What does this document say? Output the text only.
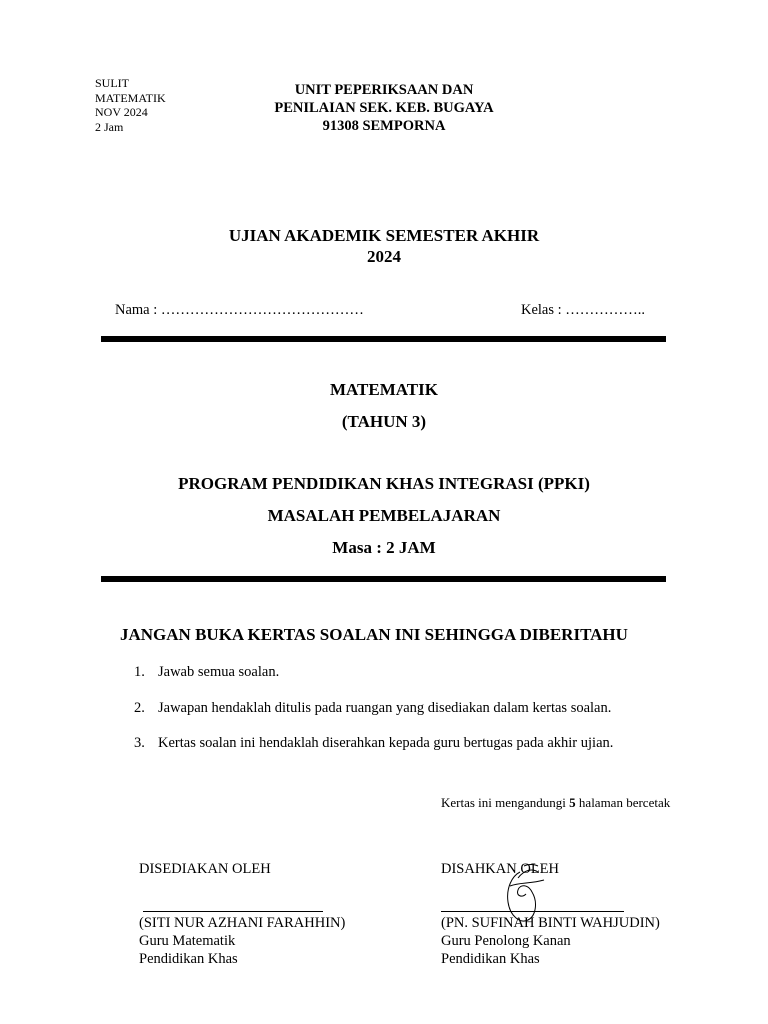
SULIT
MATEMATIK
NOV 2024
2 Jam
UNIT PEPERIKSAAN DAN
PENILAIAN SEK. KEB. BUGAYA
91308 SEMPORNA
UJIAN AKADEMIK SEMESTER AKHIR
2024
Nama : ……………………………………	Kelas : ……………..
MATEMATIK
(TAHUN 3)
PROGRAM PENDIDIKAN KHAS INTEGRASI (PPKI)
MASALAH PEMBELAJARAN
Masa : 2 JAM
JANGAN BUKA KERTAS SOALAN INI SEHINGGA DIBERITAHU
1. Jawab semua soalan.
2. Jawapan hendaklah ditulis pada ruangan yang disediakan dalam kertas soalan.
3. Kertas soalan ini hendaklah diserahkan kepada guru bertugas pada akhir ujian.
Kertas ini mengandungi 5 halaman bercetak
DISEDIAKAN OLEH
(SITI NUR AZHANI FARAHHIN)
Guru Matematik
Pendidikan Khas
DISAHKAN OLEH
(PN. SUFINAH BINTI WAHJUDIN)
Guru Penolong Kanan
Pendidikan Khas
